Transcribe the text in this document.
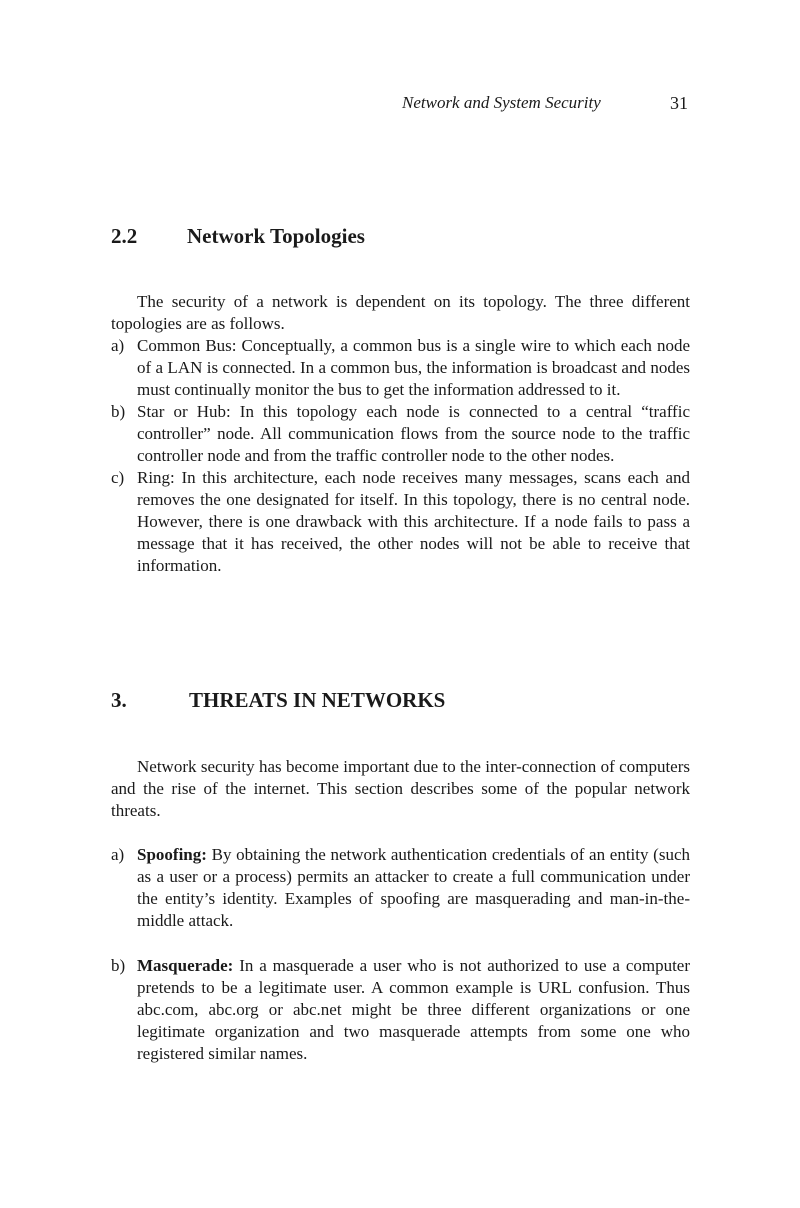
Network and System Security	31
2.2 Network Topologies

The security of a network is dependent on its topology. The three different topologies are as follows.

a) Common Bus: Conceptually, a common bus is a single wire to which each node of a LAN is connected. In a common bus, the information is broadcast and nodes must continually monitor the bus to get the information addressed to it.
b) Star or Hub: In this topology each node is connected to a central “traffic controller” node. All communication flows from the source node to the traffic controller node and from the traffic controller node to the other nodes.
c) Ring: In this architecture, each node receives many messages, scans each and removes the one designated for itself. In this topology, there is no central node. However, there is one drawback with this architecture. If a node fails to pass a message that it has received, the other nodes will not be able to receive that information.
3.	THREATS IN NETWORKS

Network security has become important due to the inter-connection of computers and the rise of the internet. This section describes some of the popular network threats.

a) Spoofing: By obtaining the network authentication credentials of an entity (such as a user or a process) permits an attacker to create a full communication under the entity’s identity. Examples of spoofing are masquerading and man-in-the-middle attack.
b) Masquerade: In a masquerade a user who is not authorized to use a computer pretends to be a legitimate user. A common example is URL confusion. Thus abc.com, abc.org or abc.net might be three different organizations or one legitimate organization and two masquerade attempts from some one who registered similar names.
